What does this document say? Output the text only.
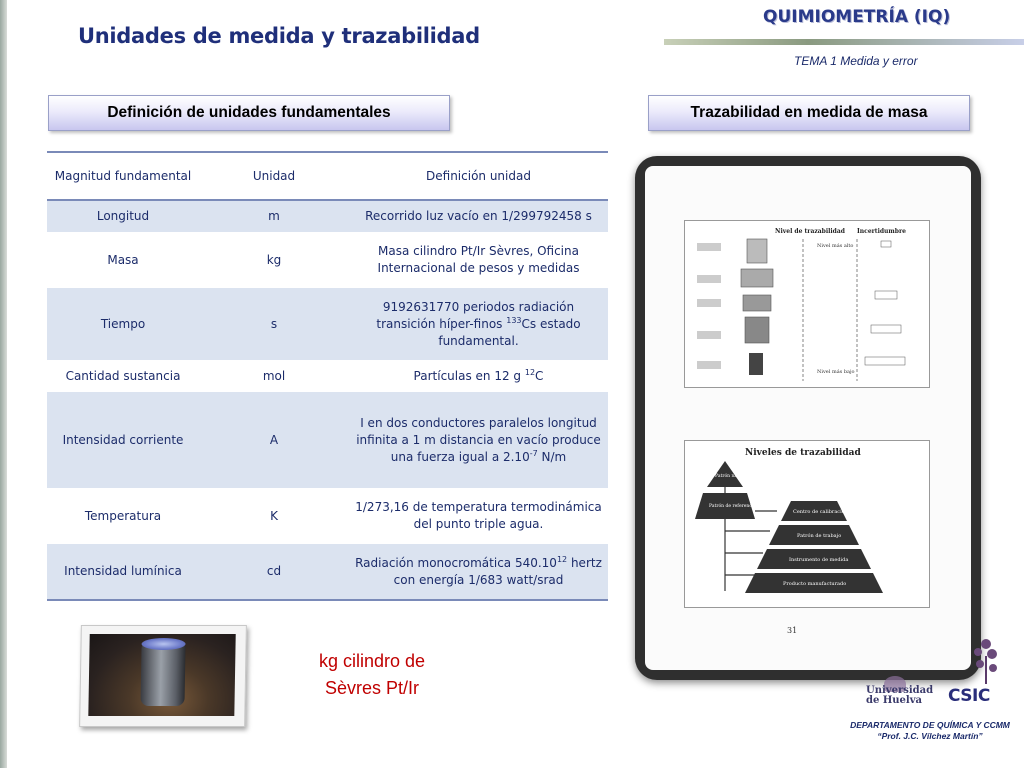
Unidades de medida y trazabilidad
QUIMIOMETRÍA (IQ)
TEMA 1 Medida y error
Definición de unidades fundamentales	Trazabilidad en medida de masa
Magnitud fundamental	Unidad	Definición unidad
Longitud	m	Recorrido luz vacío en 1/299792458 s
Masa	kg	Masa cilindro Pt/Ir Sèvres, Oficina Internacional de pesos y medidas
Tiempo	s	9192631770 periodos radiación transición híper-finos $^{133}$Cs estado fundamental.
Cantidad sustancia	mol	Partículas en 12 g $^{12}$C
Intensidad corriente	A	I en dos conductores paralelos longitud infinita a 1 m distancia en vacío produce una fuerza igual a $2.10^{-7}$ N/m
Temperatura	K	1/273,16 de temperatura termodinámica del punto triple agua.
Intensidad lumínica	cd	Radiación monocromática 540.10$^{12}$ hertz con energía 1/683 watt/srad
kg cilindro de Sèvres Pt/Ir
Nivel de trazabilidad Incertidumbre
Nivel más alto
Nivel más bajo
Niveles de trazabilidad
Patrón nacional
Patrón de referencia
Centro de calibración
Patrón de trabajo
Instrumento de medida
Producto manufacturado
31
Universidad de Huelva CSIC
DEPARTAMENTO DE QUÍMICA Y CCMM
“Prof. J.C. Vílchez Martín”
